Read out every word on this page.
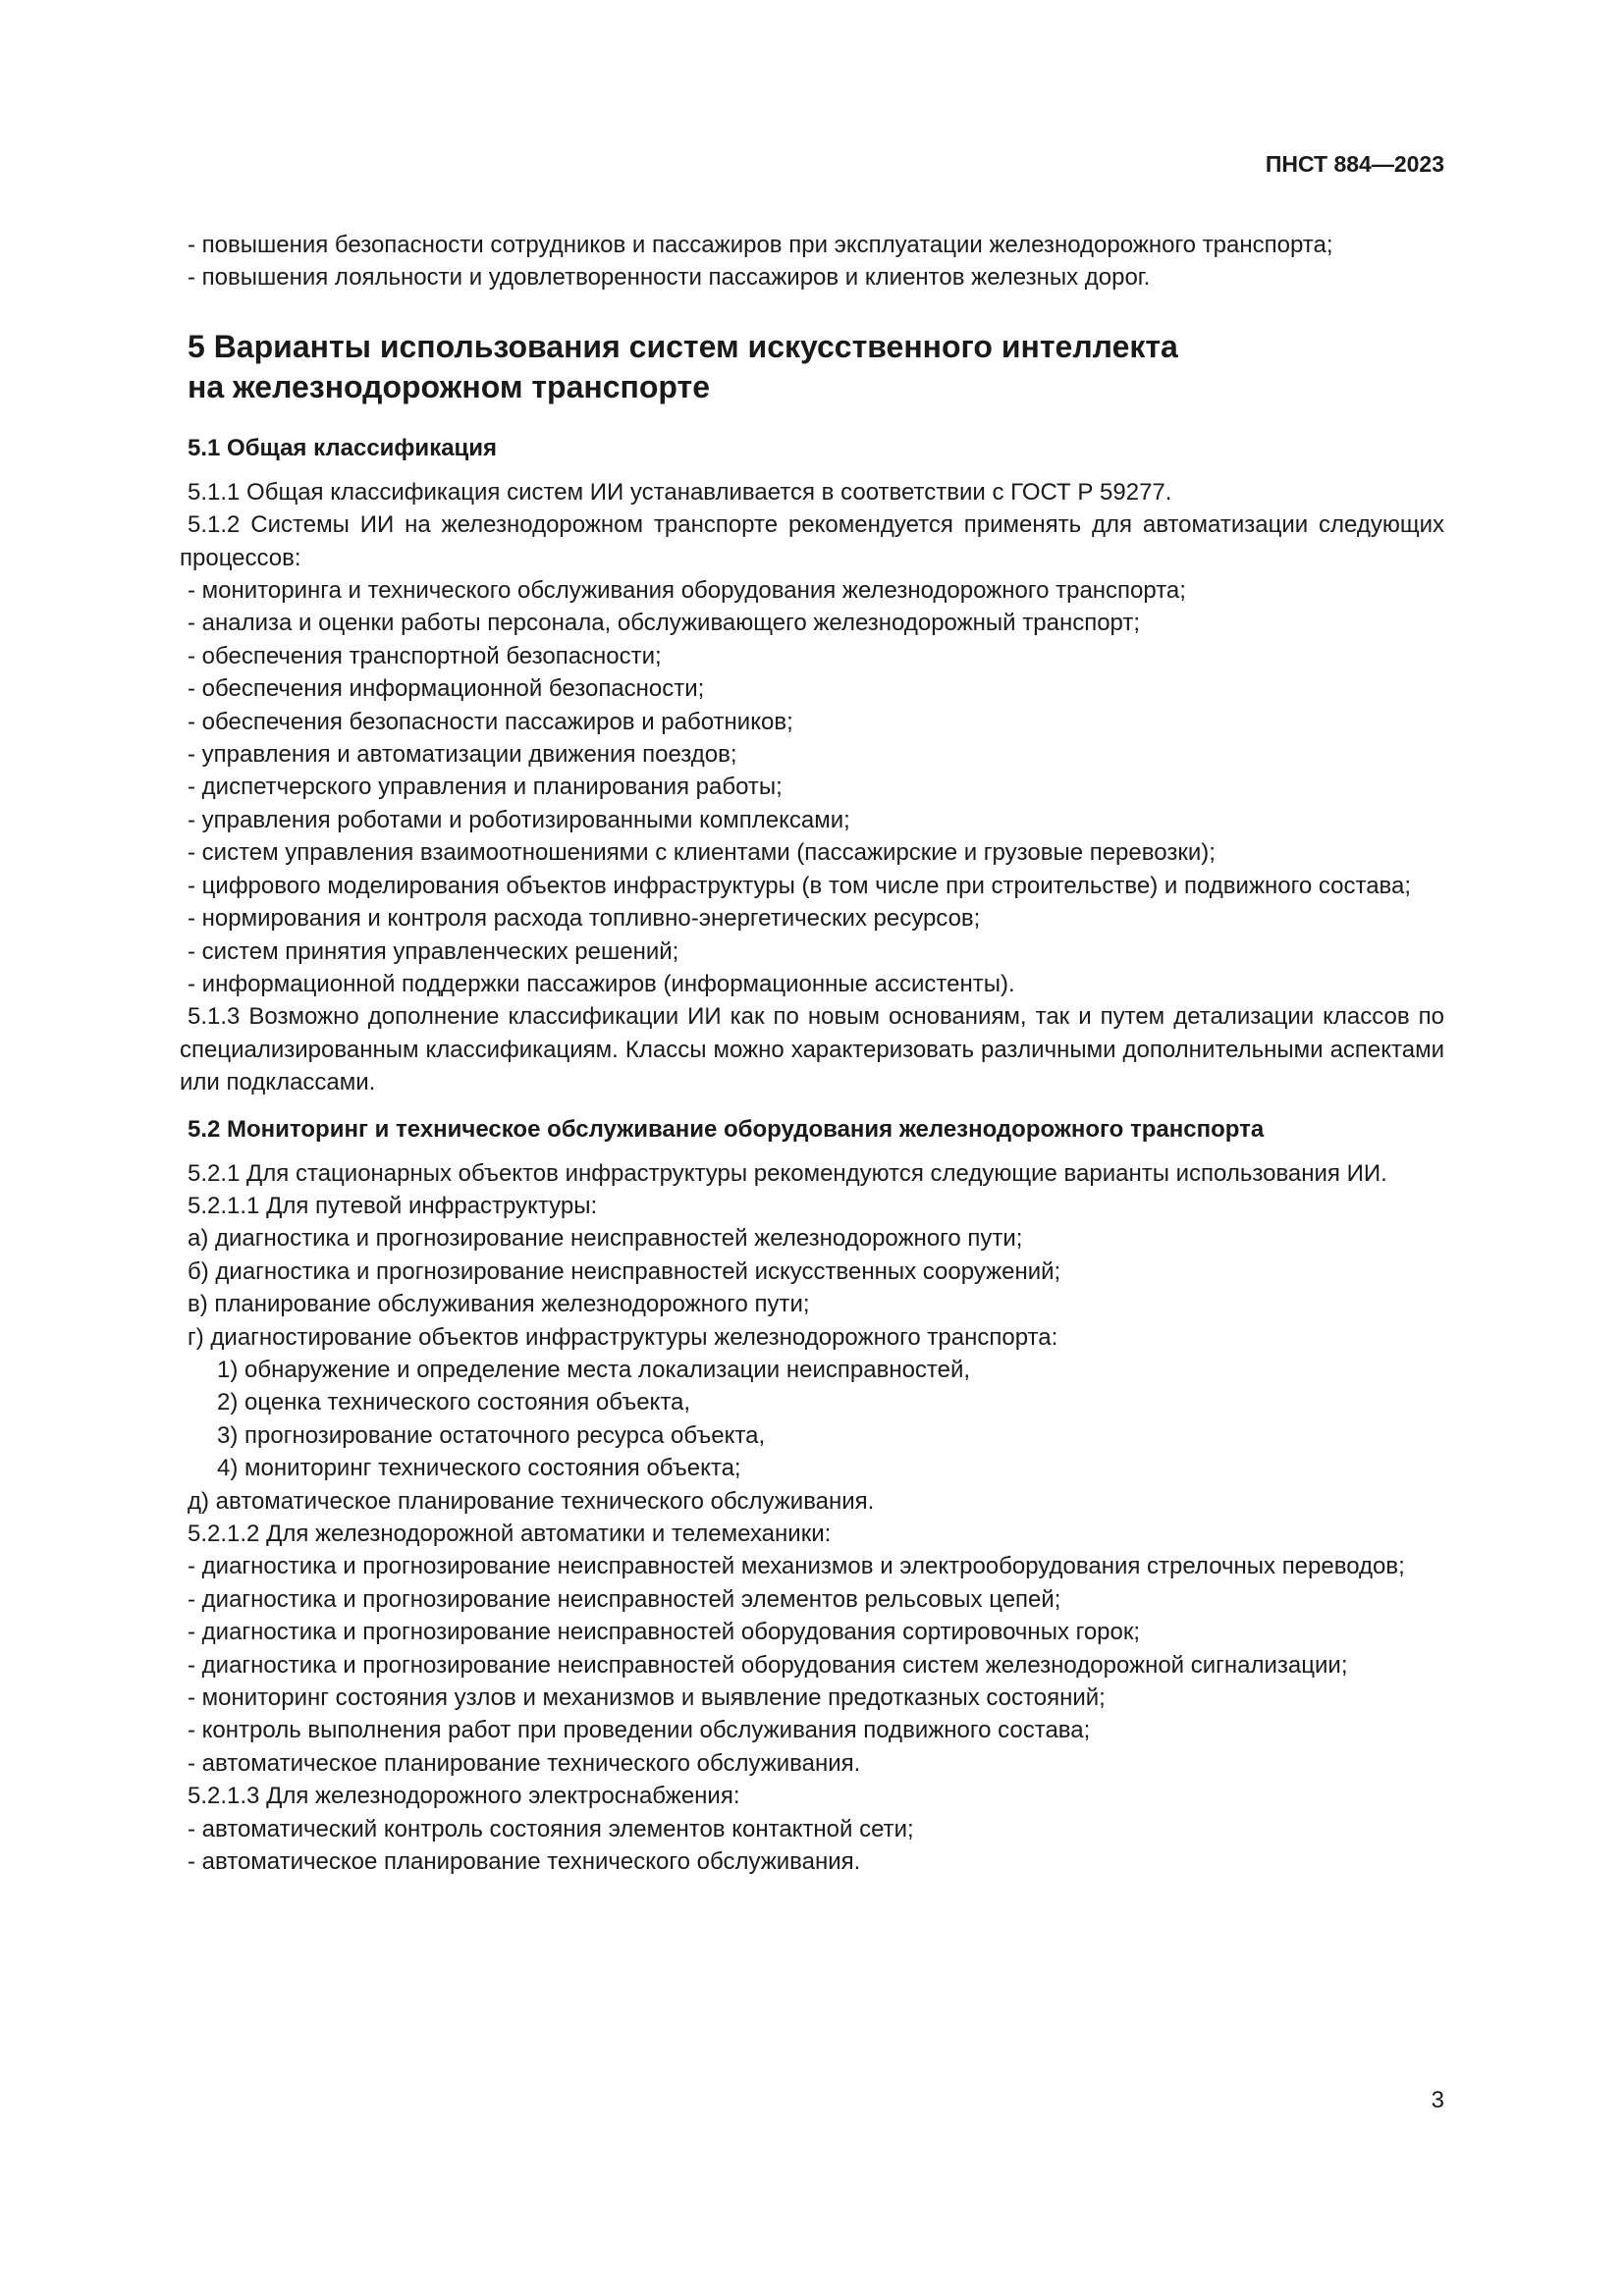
ПНСТ 884—2023

- повышения безопасности сотрудников и пассажиров при эксплуатации железнодорожного транспорта;

- повышения лояльности и удовлетворенности пассажиров и клиентов железных дорог.

5 Варианты использования систем искусственного интеллекта
на железнодорожном транспорте
5.1 Общая классификация

5.1.1 Общая классификация систем ИИ устанавливается в соответствии с ГОСТ Р 59277.

5.1.2 Системы ИИ на железнодорожном транспорте рекомендуется применять для автоматизации следующих процессов:

- мониторинга и технического обслуживания оборудования железнодорожного транспорта;

- анализа и оценки работы персонала, обслуживающего железнодорожный транспорт;

- обеспечения транспортной безопасности;

- обеспечения информационной безопасности;

- обеспечения безопасности пассажиров и работников;

- управления и автоматизации движения поездов;

- диспетчерского управления и планирования работы;

- управления роботами и роботизированными комплексами;

- систем управления взаимоотношениями с клиентами (пассажирские и грузовые перевозки);

- цифрового моделирования объектов инфраструктуры (в том числе при строительстве) и подвижного состава;

- нормирования и контроля расхода топливно-энергетических ресурсов;

- систем принятия управленческих решений;

- информационной поддержки пассажиров (информационные ассистенты).

5.1.3 Возможно дополнение классификации ИИ как по новым основаниям, так и путем детализации классов по специализированным классификациям. Классы можно характеризовать различными дополнительными аспектами или подклассами.

5.2 Мониторинг и техническое обслуживание оборудования железнодорожного транспорта

5.2.1 Для стационарных объектов инфраструктуры рекомендуются следующие варианты использования ИИ.

5.2.1.1 Для путевой инфраструктуры:

а) диагностика и прогнозирование неисправностей железнодорожного пути;

б) диагностика и прогнозирование неисправностей искусственных сооружений;

в) планирование обслуживания железнодорожного пути;

г) диагностирование объектов инфраструктуры железнодорожного транспорта:

1) обнаружение и определение места локализации неисправностей,

2) оценка технического состояния объекта,

3) прогнозирование остаточного ресурса объекта,

4) мониторинг технического состояния объекта;

д) автоматическое планирование технического обслуживания.

5.2.1.2 Для железнодорожной автоматики и телемеханики:

- диагностика и прогнозирование неисправностей механизмов и электрооборудования стрелочных переводов;

- диагностика и прогнозирование неисправностей элементов рельсовых цепей;

- диагностика и прогнозирование неисправностей оборудования сортировочных горок;

- диагностика и прогнозирование неисправностей оборудования систем железнодорожной сигнализации;

- мониторинг состояния узлов и механизмов и выявление предотказных состояний;

- контроль выполнения работ при проведении обслуживания подвижного состава;

- автоматическое планирование технического обслуживания.

5.2.1.3 Для железнодорожного электроснабжения:

- автоматический контроль состояния элементов контактной сети;

- автоматическое планирование технического обслуживания.

3
